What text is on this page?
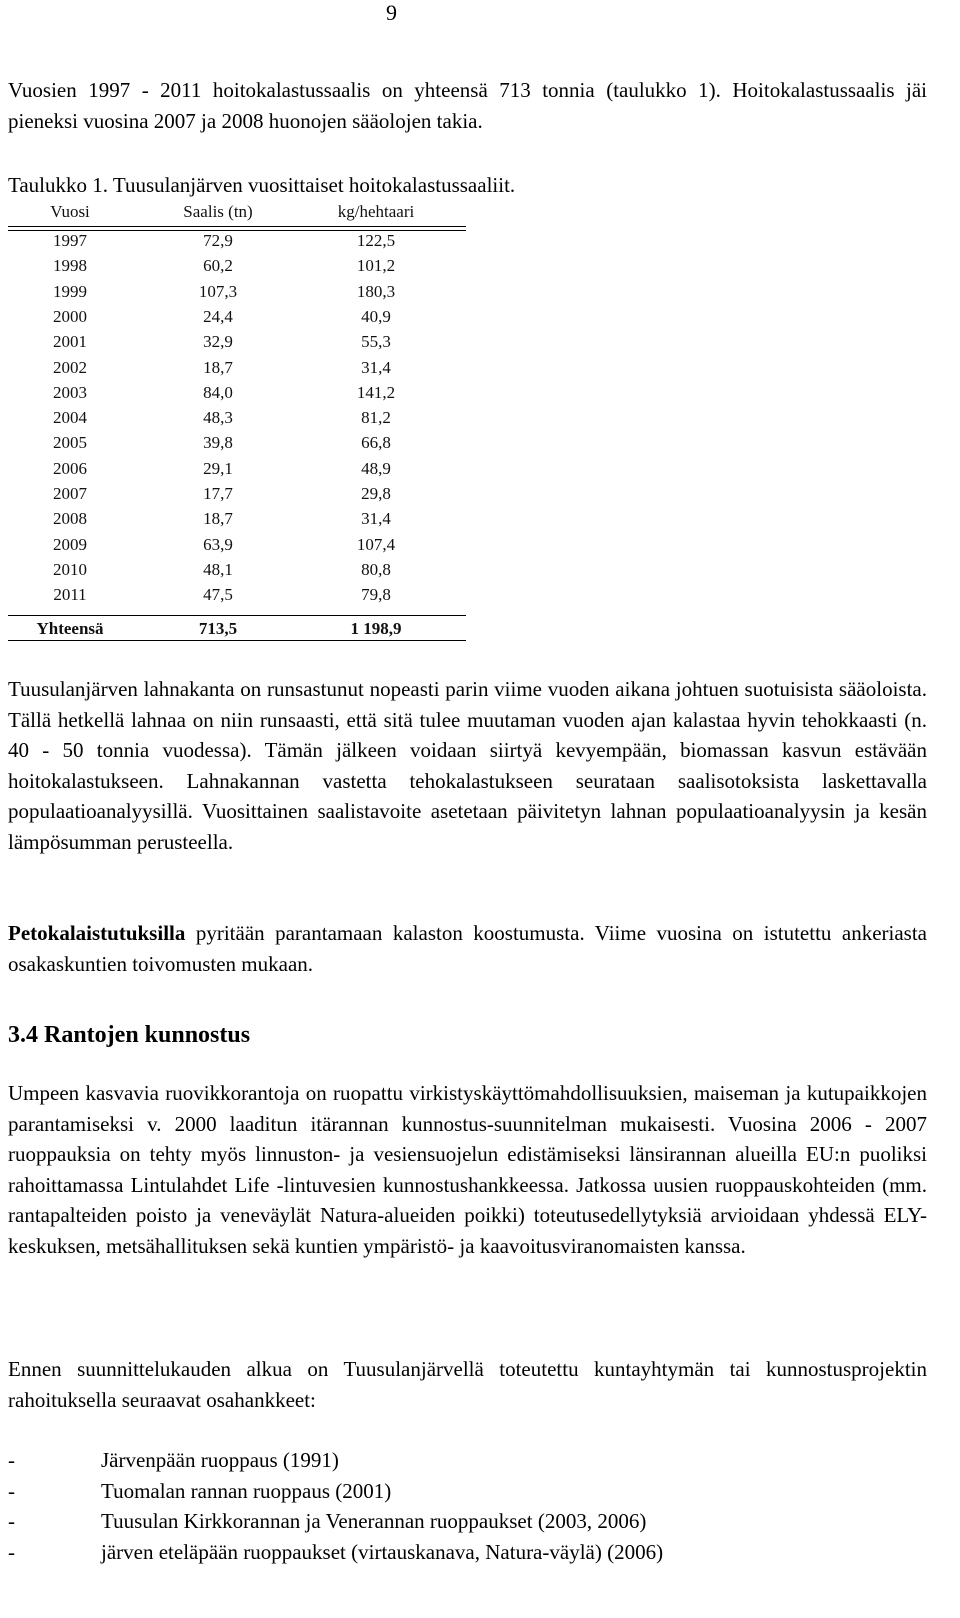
9

Vuosien 1997 - 2011 hoitokalastussaalis on yhteensä 713 tonnia (taulukko 1). Hoitokalastussaalis jäi pieneksi vuosina 2007 ja 2008 huonojen sääolojen takia.

Taulukko 1. Tuusulanjärven vuosittaiset hoitokalastussaaliit.
Vuosi	Saalis (tn)	kg/hehtaari
1997	72,9	122,5
1998	60,2	101,2
1999	107,3	180,3
2000	24,4	40,9
2001	32,9	55,3
2002	18,7	31,4
2003	84,0	141,2
2004	48,3	81,2
2005	39,8	66,8
2006	29,1	48,9
2007	17,7	29,8
2008	18,7	31,4
2009	63,9	107,4
2010	48,1	80,8
2011	47,5	79,8
Yhteensä	713,5	1 198,9

Tuusulanjärven lahnakanta on runsastunut nopeasti parin viime vuoden aikana johtuen suotuisista sääoloista. Tällä hetkellä lahnaa on niin runsaasti, että sitä tulee muutaman vuoden ajan kalastaa hyvin tehokkaasti (n. 40 - 50 tonnia vuodessa). Tämän jälkeen voidaan siirtyä kevyempään, biomassan kasvun estävään hoitokalastukseen. Lahnakannan vastetta tehokalastukseen seurataan saalisotoksista laskettavalla populaatioanalyysillä. Vuosittainen saalistavoite asetetaan päivitetyn lahnan populaatioanalyysin ja kesän lämpösumman perusteella.

Petokalaistutuksilla pyritään parantamaan kalaston koostumusta. Viime vuosina on istutettu ankeriasta osakaskuntien toivomusten mukaan.

3.4 Rantojen kunnostus

Umpeen kasvavia ruovikkorantoja on ruopattu virkistyskäyttömahdollisuuksien, maiseman ja kutupaikkojen parantamiseksi v. 2000 laaditun itärannan kunnostus-suunnitelman mukaisesti. Vuosina 2006 - 2007 ruoppauksia on tehty myös linnuston- ja vesiensuojelun edistämiseksi länsirannan alueilla EU:n puoliksi rahoittamassa Lintulahdet Life -lintuvesien kunnostushankkeessa. Jatkossa uusien ruoppauskohteiden (mm. rantapalteiden poisto ja veneväylät Natura-alueiden poikki) toteutusedellytyksiä arvioidaan yhdessä ELY-keskuksen, metsähallituksen sekä kuntien ympäristö- ja kaavoitusviranomaisten kanssa.

Ennen suunnittelukauden alkua on Tuusulanjärvellä toteutettu kuntayhtymän tai kunnostusprojektin rahoituksella seuraavat osahankkeet:

-	Järvenpään ruoppaus (1991)
-	Tuomalan rannan ruoppaus (2001)
-	Tuusulan Kirkkorannan ja Venerannan ruoppaukset (2003, 2006)
-	järven eteläpään ruoppaukset (virtauskanava, Natura-väylä) (2006)
